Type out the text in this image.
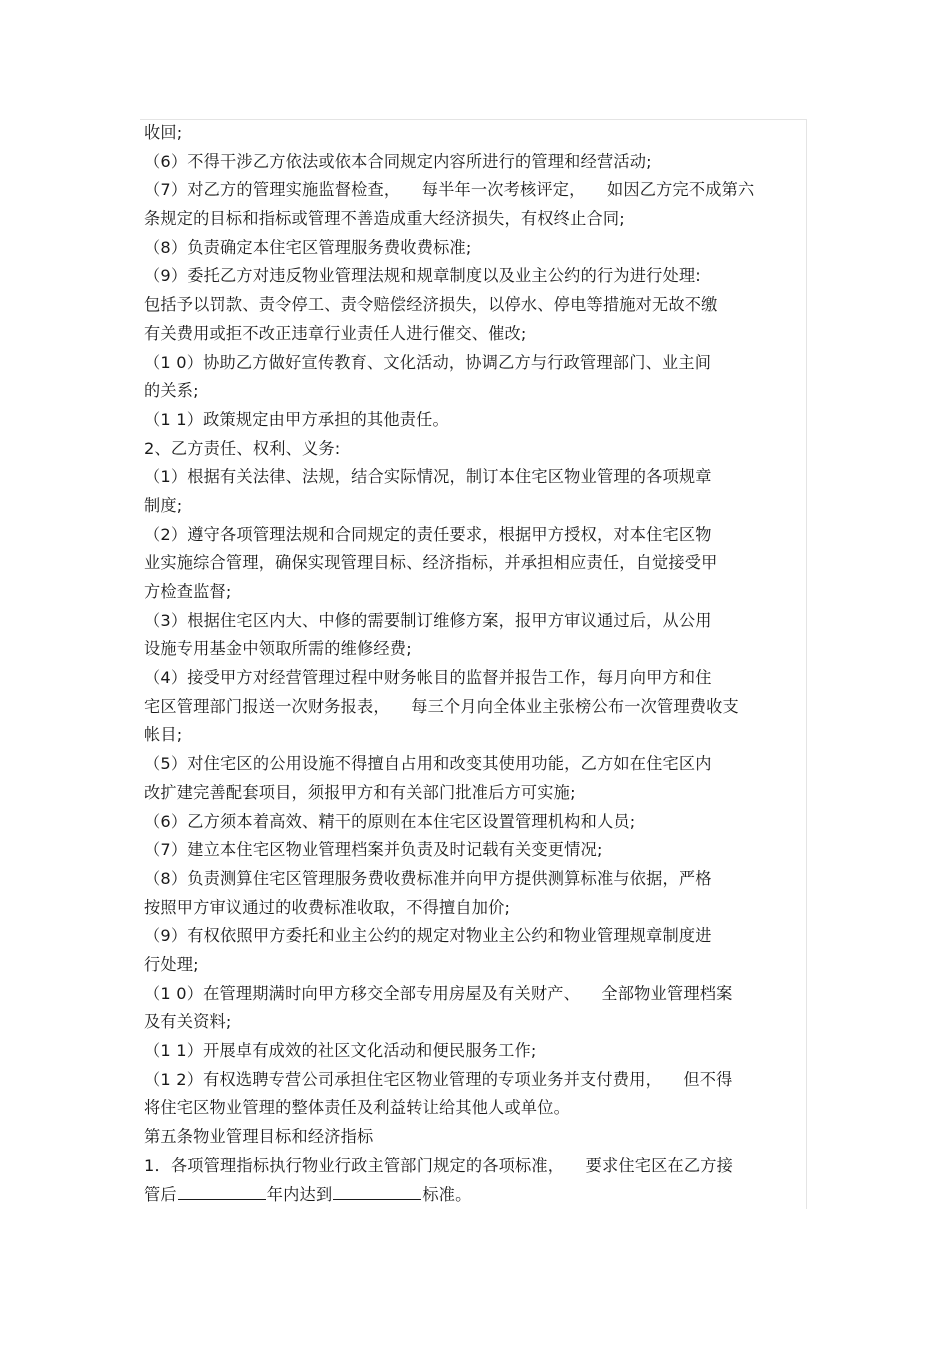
收回;
（6）不得干涉乙方依法或依本合同规定内容所进行的管理和经营活动;
（7）对乙方的管理实施监督检查，    每半年一次考核评定，    如因乙方完不成第六
条规定的目标和指标或管理不善造成重大经济损失，有权终止合同;
（8）负责确定本住宅区管理服务费收费标准;
（9）委托乙方对违反物业管理法规和规章制度以及业主公约的行为进行处理:
包括予以罚款、责令停工、责令赔偿经济损失，以停水、停电等措施对无故不缴
有关费用或拒不改正违章行业责任人进行催交、催改;
（1 0）协助乙方做好宣传教育、文化活动，协调乙方与行政管理部门、业主间
的关系;
（1 1）政策规定由甲方承担的其他责任。
2、乙方责任、权利、义务:
（1）根据有关法律、法规，结合实际情况，制订本住宅区物业管理的各项规章
制度;
（2）遵守各项管理法规和合同规定的责任要求，根据甲方授权，对本住宅区物
业实施综合管理，确保实现管理目标、经济指标，并承担相应责任，自觉接受甲
方检查监督;
（3）根据住宅区内大、中修的需要制订维修方案，报甲方审议通过后，从公用
设施专用基金中领取所需的维修经费;
（4）接受甲方对经营管理过程中财务帐目的监督并报告工作，每月向甲方和住
宅区管理部门报送一次财务报表，    每三个月向全体业主张榜公布一次管理费收支
帐目;
（5）对住宅区的公用设施不得擅自占用和改变其使用功能，乙方如在住宅区内
改扩建完善配套项目，须报甲方和有关部门批准后方可实施;
（6）乙方须本着高效、精干的原则在本住宅区设置管理机构和人员;
（7）建立本住宅区物业管理档案并负责及时记载有关变更情况;
（8）负责测算住宅区管理服务费收费标准并向甲方提供测算标准与依据，严格
按照甲方审议通过的收费标准收取，不得擅自加价;
（9）有权依照甲方委托和业主公约的规定对物业主公约和物业管理规章制度进
行处理;
（1 0）在管理期满时向甲方移交全部专用房屋及有关财产、    全部物业管理档案
及有关资料;
（1 1）开展卓有成效的社区文化活动和便民服务工作;
（1 2）有权选聘专营公司承担住宅区物业管理的专项业务并支付费用，    但不得
将住宅区物业管理的整体责任及利益转让给其他人或单位。
第五条物业管理目标和经济指标
1．各项管理指标执行物业行政主管部门规定的各项标准，    要求住宅区在乙方接
管后	年内达到	标准。
